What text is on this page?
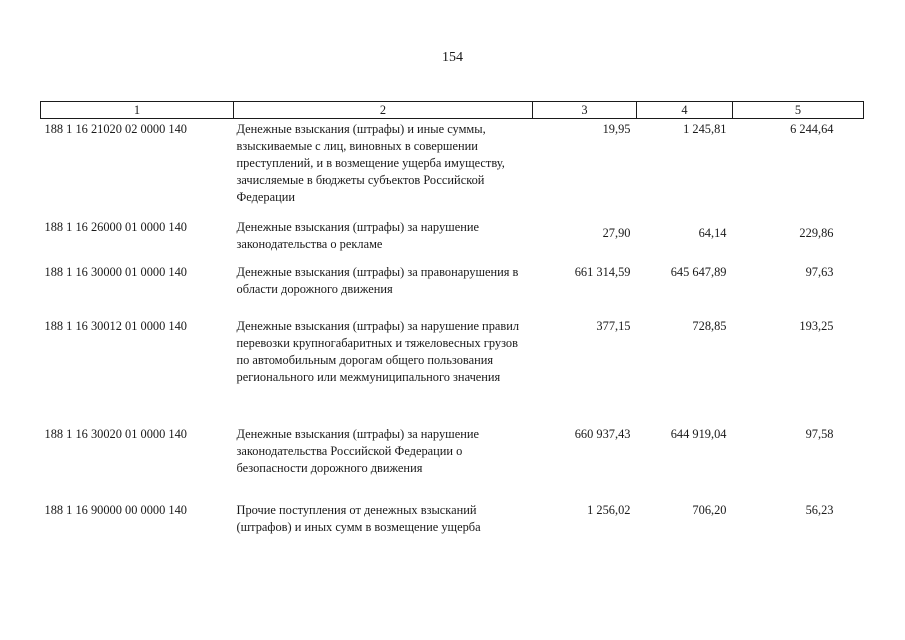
154
1	2	3	4	5
188 1 16 21020 02 0000 140	Денежные взыскания (штрафы) и иные суммы, взыскиваемые с лиц, виновных в совершении преступлений, и в возмещение ущерба имуществу, зачисляемые в бюджеты субъектов Российской Федерации	19,95	1 245,81	6 244,64
188 1 16 26000 01 0000 140	Денежные взыскания (штрафы) за нарушение законодательства о рекламе	27,90	64,14	229,86
188 1 16 30000 01 0000 140	Денежные взыскания (штрафы) за правонарушения в области дорожного движения	661 314,59	645 647,89	97,63
188 1 16 30012 01 0000 140	Денежные взыскания (штрафы) за нарушение правил перевозки крупногабаритных и тяжеловесных грузов по автомобильным дорогам общего пользования регионального или межмуниципального значения	377,15	728,85	193,25
188 1 16 30020 01 0000 140	Денежные взыскания (штрафы) за нарушение законодательства Российской Федерации о безопасности дорожного движения	660 937,43	644 919,04	97,58
188 1 16 90000 00 0000 140	Прочие поступления от денежных взысканий (штрафов) и иных сумм в возмещение ущерба	1 256,02	706,20	56,23
